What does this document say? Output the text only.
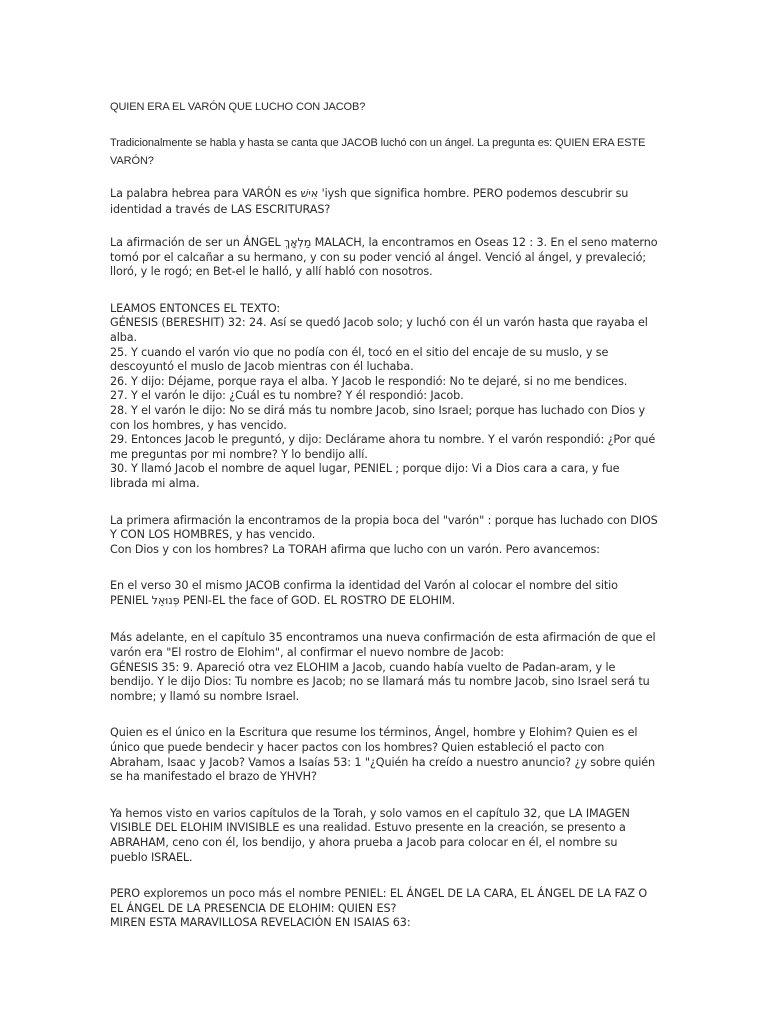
QUIEN ERA EL VARÓN QUE LUCHO CON JACOB?

Tradicionalmente se habla y hasta se canta que JACOB luchó con un ángel. La pregunta es: QUIEN ERA ESTE VARÓN?

La palabra hebrea para VARÓN es אִישׁ 'iysh que significa hombre. PERO podemos descubrir su identidad a través de LAS ESCRITURAS?

La afirmación de ser un ÁNGEL מַלְאָךְ MALACH, la encontramos en Oseas 12 : 3. En el seno materno tomó por el calcañar a su hermano, y con su poder venció al ángel. Venció al ángel, y prevaleció; lloró, y le rogó; en Bet-el le halló, y allí habló con nosotros.

LEAMOS ENTONCES EL TEXTO:
GÉNESIS (BERESHIT) 32: 24. Así se quedó Jacob solo; y luchó con él un varón hasta que rayaba el alba.
25. Y cuando el varón vio que no podía con él, tocó en el sitio del encaje de su muslo, y se descoyuntó el muslo de Jacob mientras con él luchaba.
26. Y dijo: Déjame, porque raya el alba. Y Jacob le respondió: No te dejaré, si no me bendices.
27. Y el varón le dijo: ¿Cuál es tu nombre? Y él respondió: Jacob.
28. Y el varón le dijo: No se dirá más tu nombre Jacob, sino Israel; porque has luchado con Dios y con los hombres, y has vencido.
29. Entonces Jacob le preguntó, y dijo: Declárame ahora tu nombre. Y el varón respondió: ¿Por qué me preguntas por mi nombre? Y lo bendijo allí.
30. Y llamó Jacob el nombre de aquel lugar, PENIEL ; porque dijo: Vi a Dios cara a cara, y fue librada mi alma.

La primera afirmación la encontramos de la propia boca del "varón" : porque has luchado con DIOS Y CON LOS HOMBRES, y has vencido.
Con Dios y con los hombres? La TORAH afirma que lucho con un varón. Pero avancemos:

En el verso 30 el mismo JACOB confirma la identidad del Varón al colocar el nombre del sitio PENIEL פְּנוּאֵל PENI-EL the face of GOD. EL ROSTRO DE ELOHIM.

Más adelante, en el capítulo 35 encontramos una nueva confirmación de esta afirmación de que el varón era "El rostro de Elohim", al confirmar el nuevo nombre de Jacob:
GÉNESIS 35: 9. Apareció otra vez ELOHIM a Jacob, cuando había vuelto de Padan-aram, y le bendijo. Y le dijo Dios: Tu nombre es Jacob; no se llamará más tu nombre Jacob, sino Israel será tu nombre; y llamó su nombre Israel.

Quien es el único en la Escritura que resume los términos, Ángel, hombre y Elohim? Quien es el único que puede bendecir y hacer pactos con los hombres? Quien estableció el pacto con Abraham, Isaac y Jacob? Vamos a Isaías 53: 1 "¿Quién ha creído a nuestro anuncio? ¿y sobre quién se ha manifestado el brazo de YHVH?

Ya hemos visto en varios capítulos de la Torah, y solo vamos en el capítulo 32, que LA IMAGEN VISIBLE DEL ELOHIM INVISIBLE es una realidad. Estuvo presente en la creación, se presento a ABRAHAM, ceno con él, los bendijo, y ahora prueba a Jacob para colocar en él, el nombre su pueblo ISRAEL.

PERO exploremos un poco más el nombre PENIEL: EL ÁNGEL DE LA CARA, EL ÁNGEL DE LA FAZ O EL ÁNGEL DE LA PRESENCIA DE ELOHIM: QUIEN ES?
MIREN ESTA MARAVILLOSA REVELACIÓN EN ISAIAS 63:
